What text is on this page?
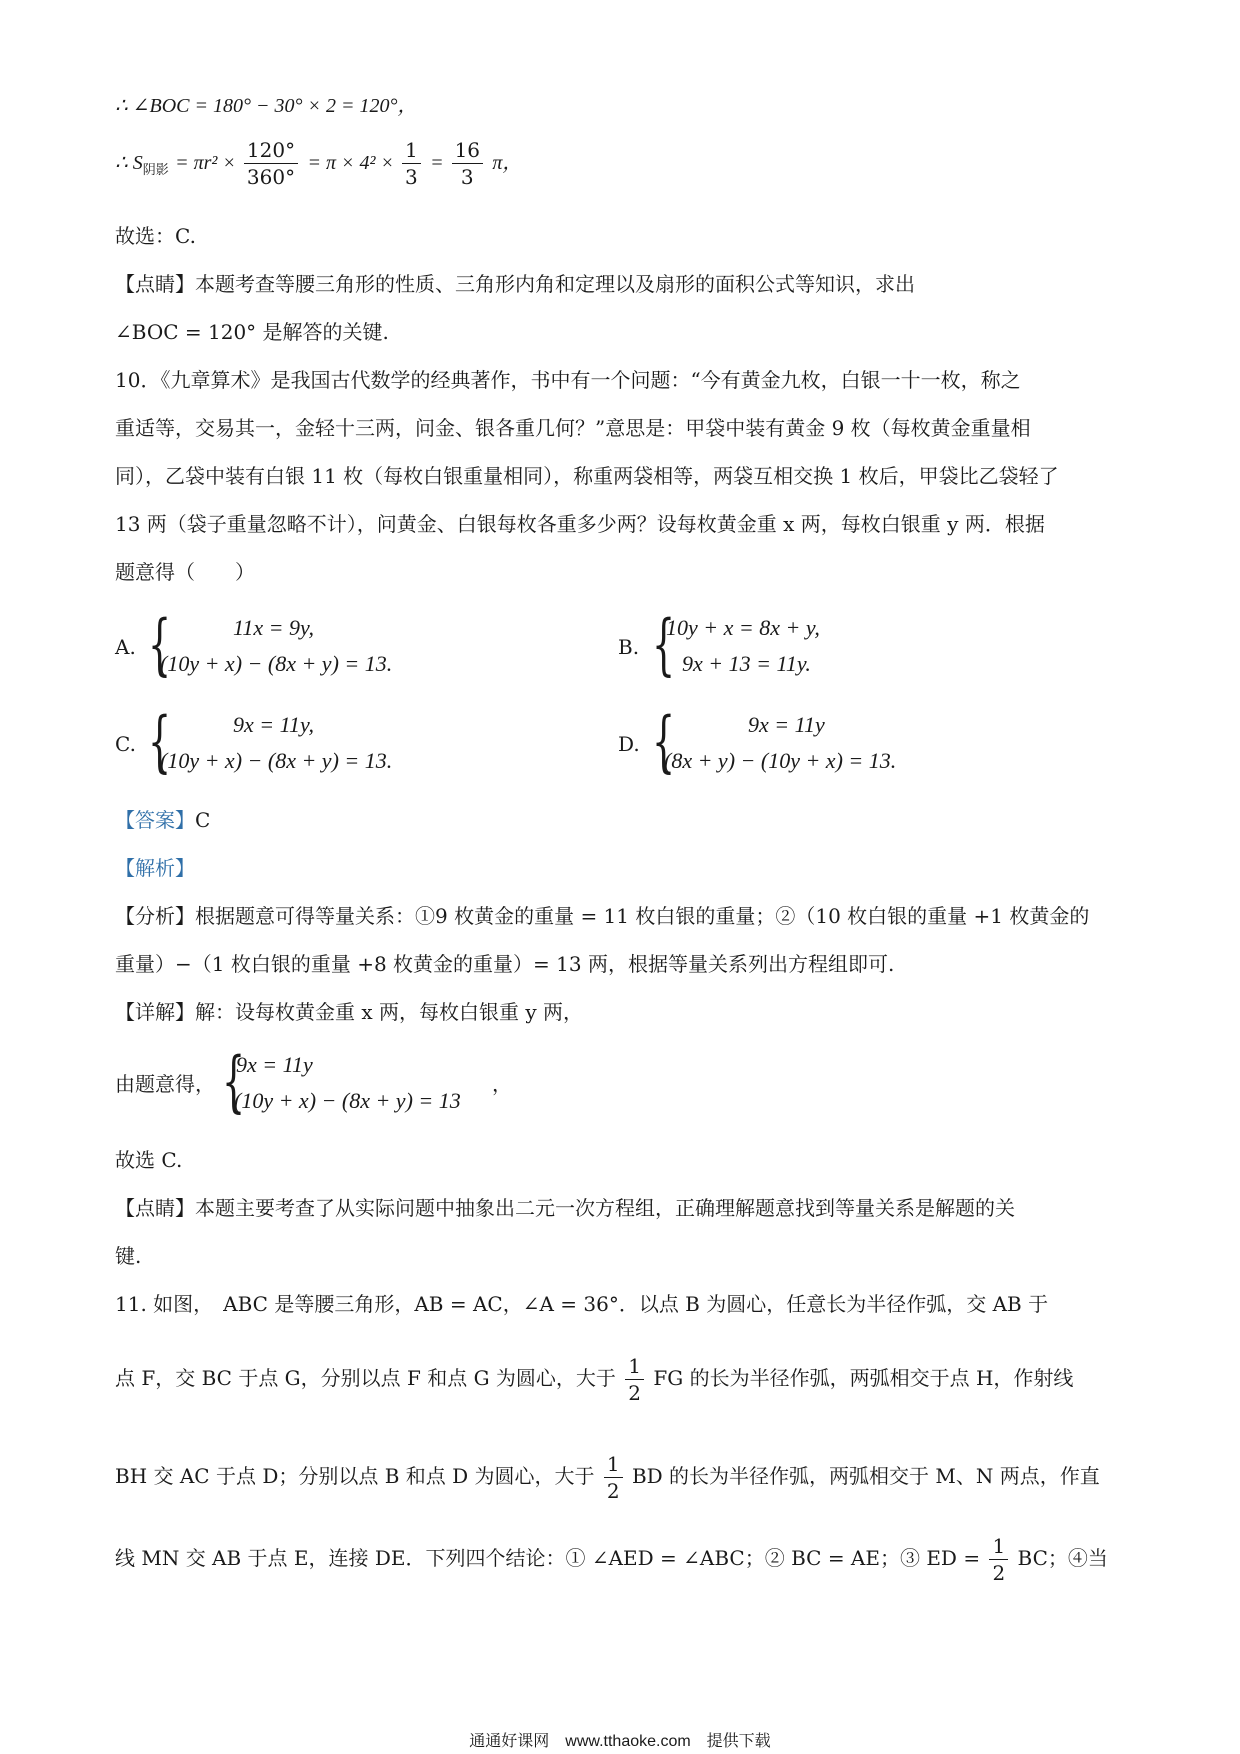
∴ ∠BOC = 180° − 30° × 2 = 120°，
∴ $S_{阴影} = \pi r^2 \times \frac{120^\circ}{360^\circ} = \pi \times 4^2 \times \frac{1}{3} = \frac{16}{3}$ π，
故选：C.
【点睛】本题考查等腰三角形的性质、三角形内角和定理以及扇形的面积公式等知识，求出
∠BOC = 120° 是解答的关键.
10．《九章算术》是我国古代数学的经典著作，书中有一个问题：“今有黄金九枚，白银一十一枚，称之
重适等，交易其一，金轻十三两，问金、银各重几何？”意思是：甲袋中装有黄金 9 枚（每枚黄金重量相
同），乙袋中装有白银 11 枚（每枚白银重量相同），称重两袋相等，两袋互相交换 1 枚后，甲袋比乙袋轻了
13 两（袋子重量忽略不计），问黄金、白银每枚各重多少两？设每枚黄金重 x 两，每枚白银重 y 两．根据
题意得（　　）
A. {	11x = 9y,
(10y + x) − (8x + y) = 13.
B. {
10y + x = 8x + y,
9x + 13 = 11y.
C. {	9x = 11y,
(10y + x) − (8x + y) = 13.
D. {	9x = 11y
(8x + y) − (10y + x) = 13.
【答案】C
【解析】
【分析】根据题意可得等量关系：①9 枚黄金的重量 = 11 枚白银的重量；②（10 枚白银的重量 +1 枚黄金的
重量）−（1 枚白银的重量 +8 枚黄金的重量）= 13 两，根据等量关系列出方程组即可.
【详解】解：设每枚黄金重 x 两，每枚白银重 y 两，
由题意得， {
9x = 11y
(10y + x) − (8x + y) = 13
，
故选 C.
【点睛】本题主要考查了从实际问题中抽象出二元一次方程组，正确理解题意找到等量关系是解题的关
键.
11. 如图，　ABC 是等腰三角形，AB = AC，∠A = 36°．以点 B 为圆心，任意长为半径作弧，交 AB 于
点 F，交 BC 于点 G，分别以点 F 和点 G 为圆心，大于 $\frac{1}{2}$ FG 的长为半径作弧，两弧相交于点 H，作射线
BH 交 AC 于点 D；分别以点 B 和点 D 为圆心，大于 $\frac{1}{2}$ BD 的长为半径作弧，两弧相交于 M、N 两点，作直
线 MN 交 AB 于点 E，连接 DE．下列四个结论：① ∠AED = ∠ABC；② BC = AE；③ ED = $\frac{1}{2}$ BC；④当
通通好课网　www.tthaoke.com　提供下载
